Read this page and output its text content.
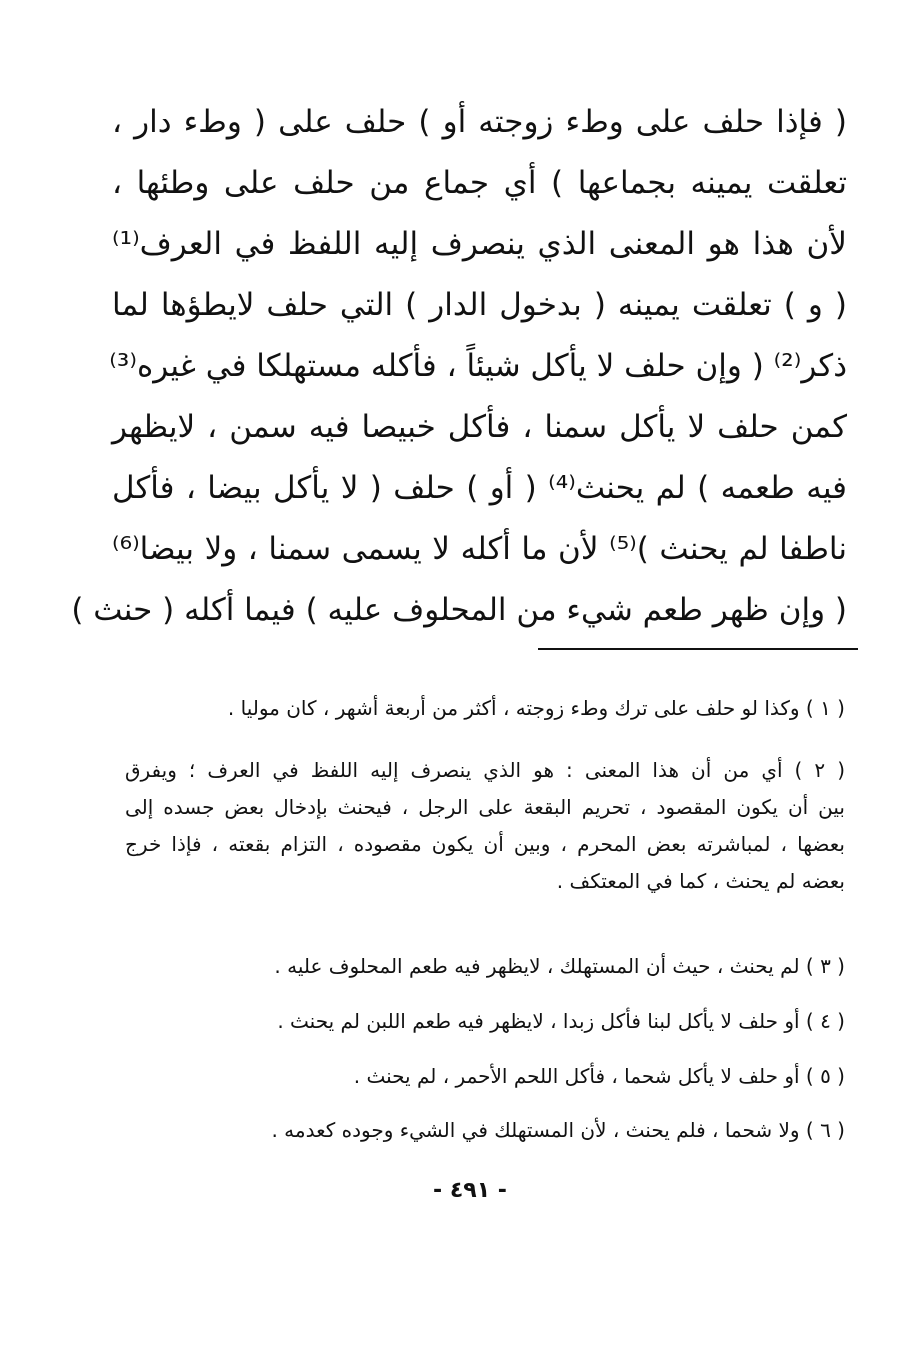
( فإذا حلف على وطء زوجته أو ) حلف على ( وطء دار ،
تعلقت يمينه بجماعها ) أي جماع من حلف على وطئها ،
لأن هذا هو المعنى الذي ينصرف إليه اللفظ في العرف⁽¹⁾
( و ) تعلقت يمينه ( بدخول الدار ) التي حلف لايطؤها لما
ذكر⁽²⁾ ( وإن حلف لا يأكل شيئاً ، فأكله مستهلكا في غيره⁽³⁾
كمن حلف لا يأكل سمنا ، فأكل خبيصا فيه سمن ، لايظهر
فيه طعمه ) لم يحنث⁽⁴⁾ ( أو ) حلف ( لا يأكل بيضا ، فأكل
ناطفا لم يحنث )⁽⁵⁾ لأن ما أكله لا يسمى سمنا ، ولا بيضا⁽⁶⁾
( وإن ظهر طعم شيء من المحلوف عليه ) فيما أكله ( حنث )
( ١ ) وكذا لو حلف على ترك وطء زوجته ، أكثر من أربعة أشهر ، كان موليا .
( ٢ ) أي من أن هذا المعنى : هو الذي ينصرف إليه اللفظ في العرف ؛ ويفرق
بين أن يكون المقصود ، تحريم البقعة على الرجل ، فيحنث بإدخال بعض جسده إلى
بعضها ، لمباشرته بعض المحرم ، وبين أن يكون مقصوده ، التزام بقعته ، فإذا خرج
بعضه لم يحنث ، كما في المعتكف .
( ٣ ) لم يحنث ، حيث أن المستهلك ، لايظهر فيه طعم المحلوف عليه .
( ٤ ) أو حلف لا يأكل لبنا فأكل زبدا ، لايظهر فيه طعم اللبن لم يحنث .
( ٥ ) أو حلف لا يأكل شحما ، فأكل اللحم الأحمر ، لم يحنث .
( ٦ ) ولا شحما ، فلم يحنث ، لأن المستهلك في الشيء وجوده كعدمه .
- ٤٩١ -
